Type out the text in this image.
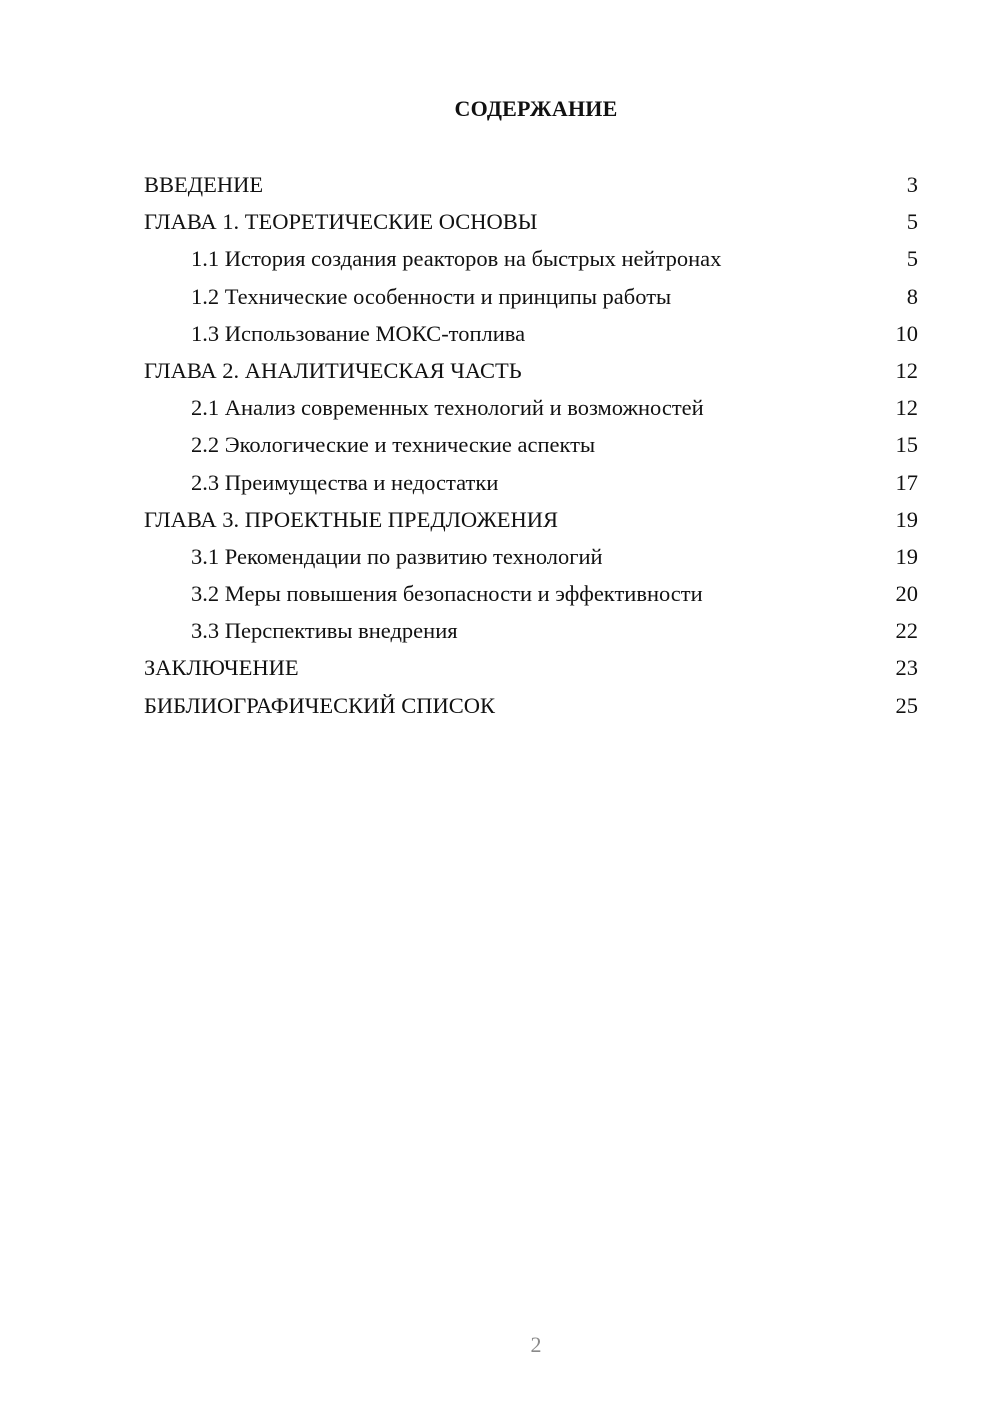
СОДЕРЖАНИЕ
ВВЕДЕНИЕ	3
ГЛАВА 1. ТЕОРЕТИЧЕСКИЕ ОСНОВЫ	5
1.1 История создания реакторов на быстрых нейтронах	5
1.2 Технические особенности и принципы работы	8
1.3 Использование МОКС-топлива	10
ГЛАВА 2. АНАЛИТИЧЕСКАЯ ЧАСТЬ	12
2.1 Анализ современных технологий и возможностей	12
2.2 Экологические и технические аспекты	15
2.3 Преимущества и недостатки	17
ГЛАВА 3. ПРОЕКТНЫЕ ПРЕДЛОЖЕНИЯ	19
3.1 Рекомендации по развитию технологий	19
3.2 Меры повышения безопасности и эффективности	20
3.3 Перспективы внедрения	22
ЗАКЛЮЧЕНИЕ	23
БИБЛИОГРАФИЧЕСКИЙ СПИСОК	25
2
